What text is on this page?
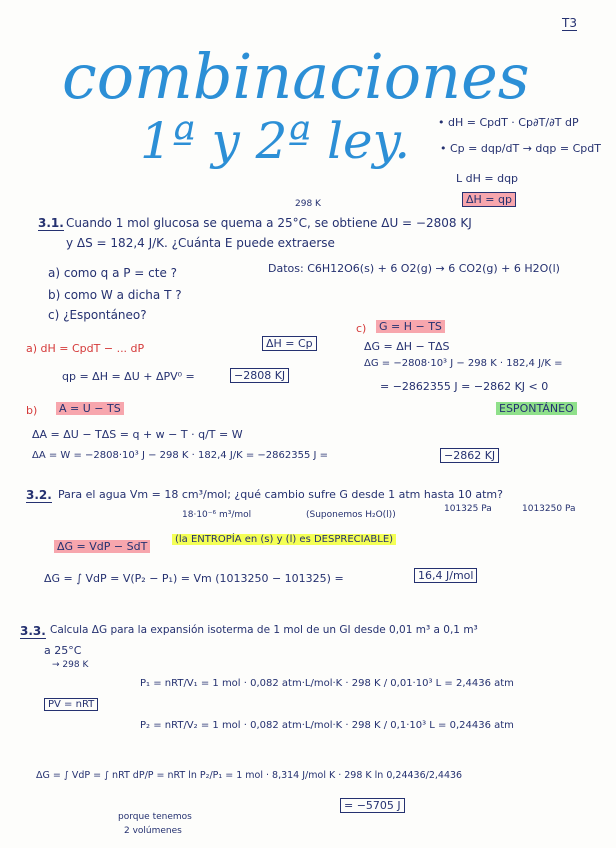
T3
combinaciones
1ª y 2ª ley.	• dH = CpdT · Cp∂T/∂T dP
• Cp = dqp/dT → dqp = CpdT
L dH = dqp
ΔH = qp
298 K
3.1. Cuando 1 mol glucosa se quema a 25°C, se obtiene ΔU = −2808 KJ
y ΔS = 182,4 J/K. ¿Cuánta E puede extraerse
a) como q a P = cte ?
b) como W a dicha T ?
c) ¿Espontáneo?
Datos: C6H12O6(s) + 6 O2(g) → 6 CO2(g) + 6 H2O(l)
a) dH = CpdT − ... dP	ΔH = Cp
qp = ΔH = ΔU + ΔPV⁰ =	−2808 KJ
c) G = H − TS
ΔG = ΔH − TΔS
ΔG = −2808·10³ J − 298 K · 182,4 J/K =
= −2862355 J = −2862 KJ < 0
ESPONTÁNEO
b) A = U − TS
ΔA = ΔU − TΔS = q + w − T · q/T = W
ΔA = W = −2808·10³ J − 298 K · 182,4 J/K = −2862355 J =	−2862 KJ
3.2. Para el agua Vm = 18 cm³/mol; ¿qué cambio sufre G desde 1 atm hasta 10 atm?
18·10⁻⁶ m³/mol	(Suponemos H₂O(l))
101325 Pa	1013250 Pa
ΔG = VdP − SdT
(la ENTROPÍA en (s) y (l) es DESPRECIABLE)
ΔG = ∫ VdP = V(P₂ − P₁) = Vm (1013250 − 101325) =	16,4 J/mol
3.3. Calcula ΔG para la expansión isoterma de 1 mol de un GI desde 0,01 m³ a 0,1 m³
a 25°C
→ 298 K
PV = nRT
P₁ = nRT/V₁ = 1 mol · 0,082 atm·L/mol·K · 298 K / 0,01·10³ L = 2,4436 atm
P₂ = nRT/V₂ = 1 mol · 0,082 atm·L/mol·K · 298 K / 0,1·10³ L = 0,24436 atm
ΔG = ∫ VdP = ∫ nRT dP/P = nRT ln P₂/P₁ = 1 mol · 8,314 J/mol K · 298 K ln 0,24436/2,4436
= −5705 J
porque tenemos
2 volúmenes
